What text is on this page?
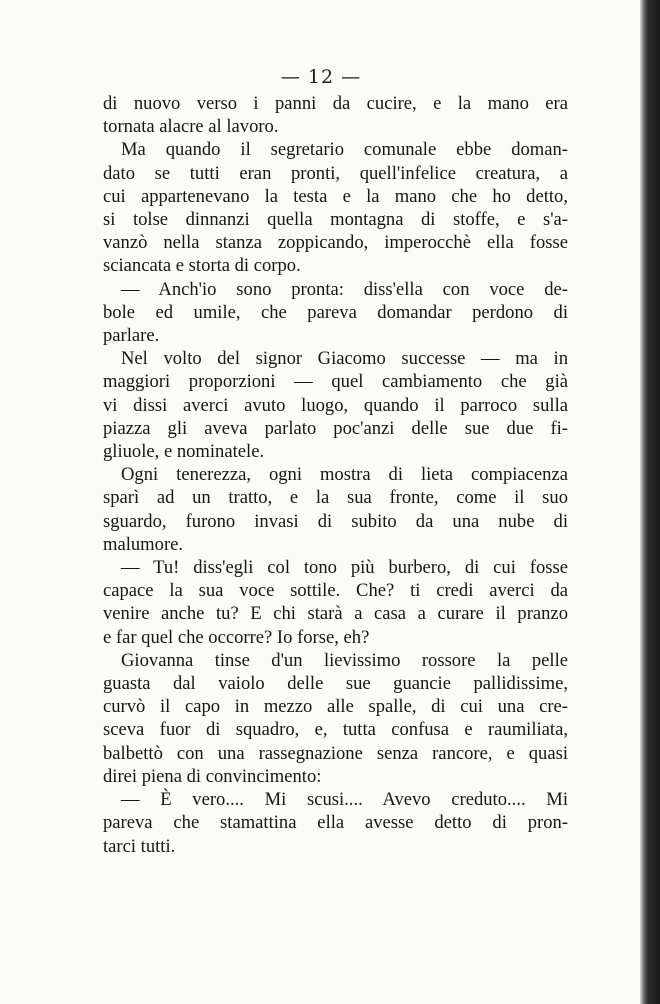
— 12 —
di nuovo verso i panni da cucire, e la mano era
tornata alacre al lavoro.
Ma quando il segretario comunale ebbe doman-
dato se tutti eran pronti, quell'infelice creatura, a
cui appartenevano la testa e la mano che ho detto,
si tolse dinnanzi quella montagna di stoffe, e s'a-
vanzò nella stanza zoppicando, imperocchè ella fosse
sciancata e storta di corpo.
— Anch'io sono pronta: diss'ella con voce de-
bole ed umile, che pareva domandar perdono di
parlare.
Nel volto del signor Giacomo successe — ma in
maggiori proporzioni — quel cambiamento che già
vi dissi averci avuto luogo, quando il parroco sulla
piazza gli aveva parlato poc'anzi delle sue due fi-
gliuole, e nominatele.
Ogni tenerezza, ogni mostra di lieta compiacenza
sparì ad un tratto, e la sua fronte, come il suo
sguardo, furono invasi di subito da una nube di
malumore.
— Tu! diss'egli col tono più burbero, di cui fosse
capace la sua voce sottile. Che? ti credi averci da
venire anche tu? E chi starà a casa a curare il pranzo
e far quel che occorre? Io forse, eh?
Giovanna tinse d'un lievissimo rossore la pelle
guasta dal vaiolo delle sue guancie pallidissime,
curvò il capo in mezzo alle spalle, di cui una cre-
sceva fuor di squadro, e, tutta confusa e raumiliata,
balbettò con una rassegnazione senza rancore, e quasi
direi piena di convincimento:
— È vero.... Mi scusi.... Avevo creduto.... Mi
pareva che stamattina ella avesse detto di pron-
tarci tutti.
